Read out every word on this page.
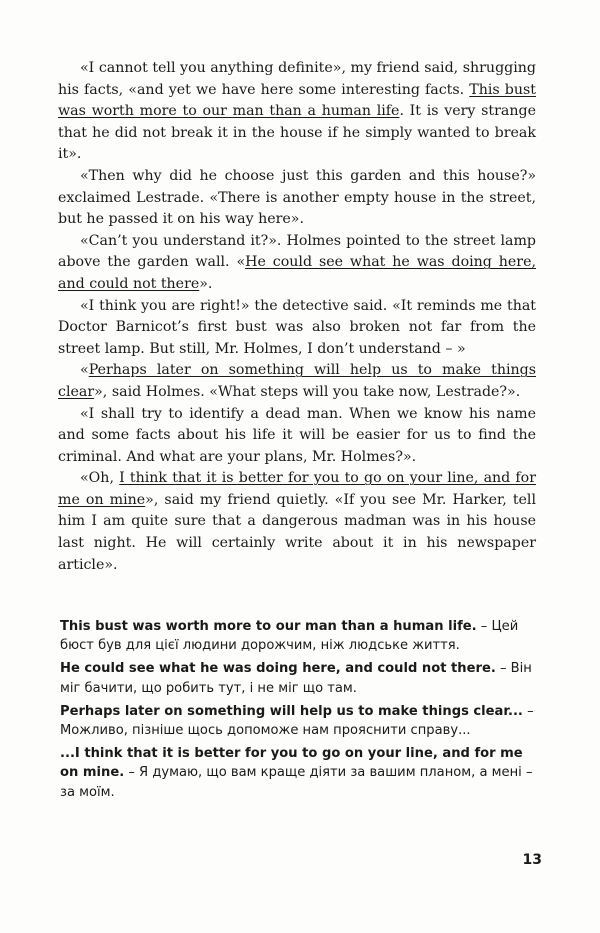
«I cannot tell you anything definite», my friend said, shrugging his facts, «and yet we have here some interesting facts. This bust was worth more to our man than a human life. It is very strange that he did not break it in the house if he simply wanted to break it».

«Then why did he choose just this garden and this house?» exclaimed Lestrade. «There is another empty house in the street, but he passed it on his way here».

«Can’t you understand it?». Holmes pointed to the street lamp above the garden wall. «He could see what he was doing here, and could not there».

«I think you are right!» the detective said. «It reminds me that Doctor Barnicot’s first bust was also broken not far from the street lamp. But still, Mr. Holmes, I don’t understand – »

«Perhaps later on something will help us to make things clear», said Holmes. «What steps will you take now, Lestrade?».

«I shall try to identify a dead man. When we know his name and some facts about his life it will be easier for us to find the criminal. And what are your plans, Mr. Holmes?».

«Oh, I think that it is better for you to go on your line, and for me on mine», said my friend quietly. «If you see Mr. Harker, tell him I am quite sure that a dangerous madman was in his house last night. He will certainly write about it in his newspaper article».

This bust was worth more to our man than a human life. – Цей бюст був для цієї людини дорожчим, ніж людське життя.

He could see what he was doing here, and could not there. – Він міг бачити, що робить тут, і не міг що там.

Perhaps later on something will help us to make things clear... – Можливо, пізніше щось допоможе нам прояснити справу...

...I think that it is better for you to go on your line, and for me on mine. – Я думаю, що вам краще діяти за вашим планом, а мені – за моїм.

13
